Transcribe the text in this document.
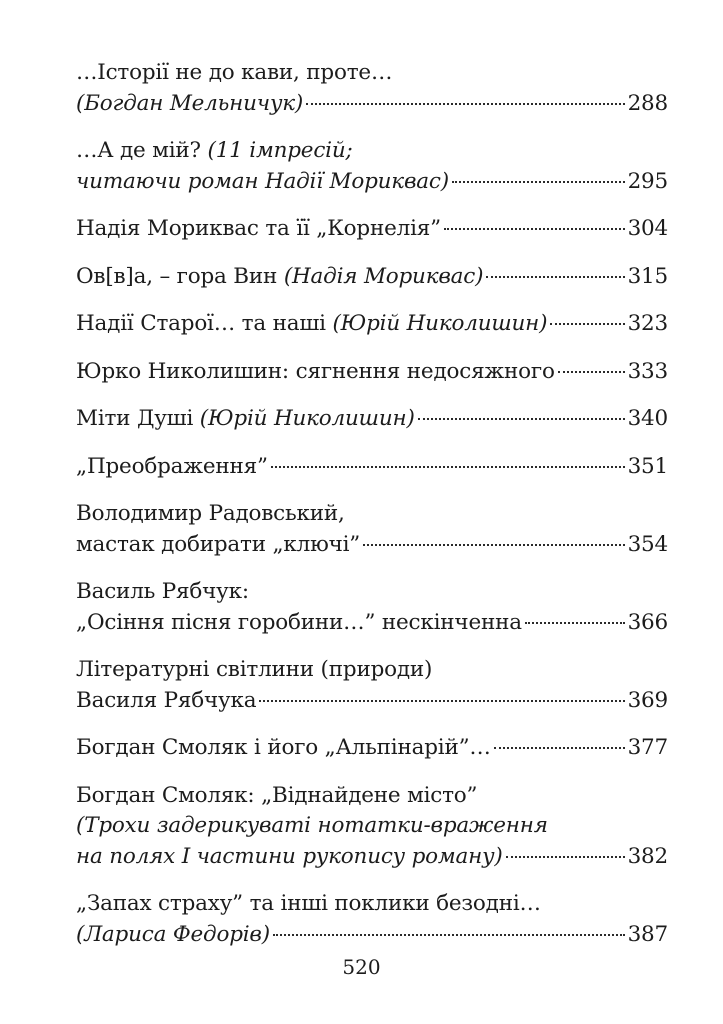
…Історії не до кави, проте…
(Богдан Мельничук)	288
…А де мій? (11 імпресій;
читаючи роман Надії Мориквас)	295
Надія Мориквас та її „Корнелія”	304
Ов[в]а, – гора Вин (Надія Мориквас)	315
Надії Старої… та наші (Юрій Николишин)	323
Юрко Николишин: сягнення недосяжного	333
Міти Душі (Юрій Николишин)	340
„Преображення”	351
Володимир Радовський,
мастак добирати „ключі”	354
Василь Рябчук:
„Осіння пісня горобини…” нескінченна	366
Літературні світлини (природи)
Василя Рябчука	369
Богдан Смоляк і його „Альпінарій”…	377
Богдан Смоляк: „Віднайдене місто”
(Трохи задерикуваті нотатки-враження
на полях І частини рукопису роману)	382
„Запах страху” та інші поклики безодні…
(Лариса Федорів)	387
520
